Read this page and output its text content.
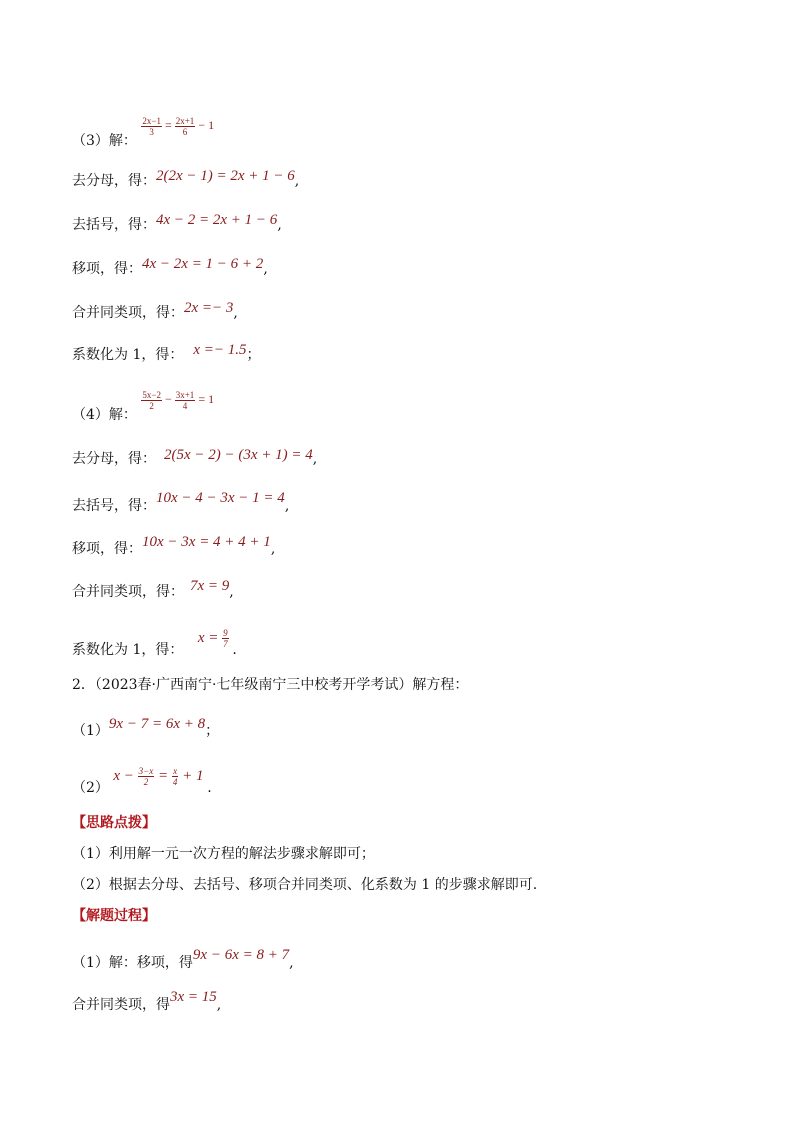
（3）解：
$\frac{2x-1}{3} = \frac{2x+1}{6} - 1$
去分母，得：2(2x − 1) = 2x + 1 − 6,
去括号，得：4x − 2 = 2x + 1 − 6,
移项，得：4x − 2x = 1 − 6 + 2,
合并同类项，得：2x =− 3,
系数化为 1，得： x =− 1.5；
（4）解：
$\frac{5x-2}{2} - \frac{3x+1}{4} = 1$
去分母，得： 2(5x − 2) − (3x + 1) = 4,
去括号，得：10x − 4 − 3x − 1 = 4,
移项，得：10x − 3x = 4 + 4 + 1,
合并同类项，得： 7x = 9,
系数化为 1，得： $x = \frac{9}{7}$
.
2．（2023春·广西南宁·七年级南宁三中校考开学考试）解方程：
（1）9x − 7 = 6x + 8；
（2） $x - \frac{3-x}{2} = \frac{x}{4} + 1$ .
【思路点拨】
（1）利用解一元一次方程的解法步骤求解即可；
（2）根据去分母、去括号、移项合并同类项、化系数为 1 的步骤求解即可.
【解题过程】
（1）解：移项，得9x − 6x = 8 + 7,
合并同类项，得3x = 15,
